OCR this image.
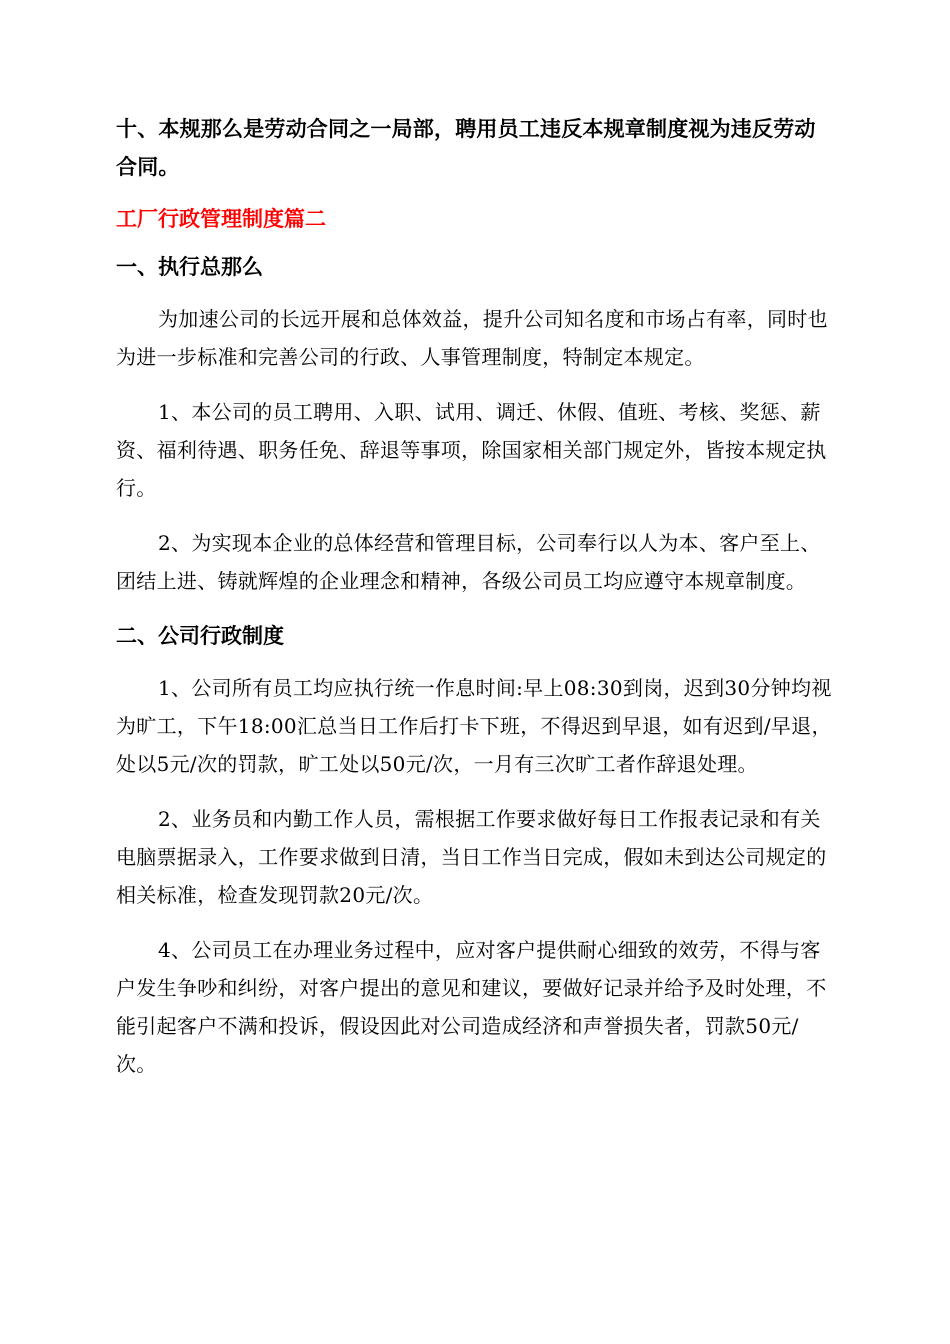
十、本规那么是劳动合同之一局部，聘用员工违反本规章制度视为违反劳动合同。

工厂行政管理制度篇二

一、执行总那么

为加速公司的长远开展和总体效益，提升公司知名度和市场占有率，同时也为进一步标准和完善公司的行政、人事管理制度，特制定本规定。

1、本公司的员工聘用、入职、试用、调迁、休假、值班、考核、奖惩、薪资、福利待遇、职务任免、辞退等事项，除国家相关部门规定外，皆按本规定执行。

2、为实现本企业的总体经营和管理目标，公司奉行以人为本、客户至上、团结上进、铸就辉煌的企业理念和精神，各级公司员工均应遵守本规章制度。

二、公司行政制度

1、公司所有员工均应执行统一作息时间:早上08:30到岗，迟到30分钟均视为旷工，下午18:00汇总当日工作后打卡下班，不得迟到早退，如有迟到/早退，处以5元/次的罚款，旷工处以50元/次，一月有三次旷工者作辞退处理。

2、业务员和内勤工作人员，需根据工作要求做好每日工作报表记录和有关电脑票据录入，工作要求做到日清，当日工作当日完成，假如未到达公司规定的相关标准，检查发现罚款20元/次。

4、公司员工在办理业务过程中，应对客户提供耐心细致的效劳，不得与客户发生争吵和纠纷，对客户提出的意见和建议，要做好记录并给予及时处理，不能引起客户不满和投诉，假设因此对公司造成经济和声誉损失者，罚款50元/次。
